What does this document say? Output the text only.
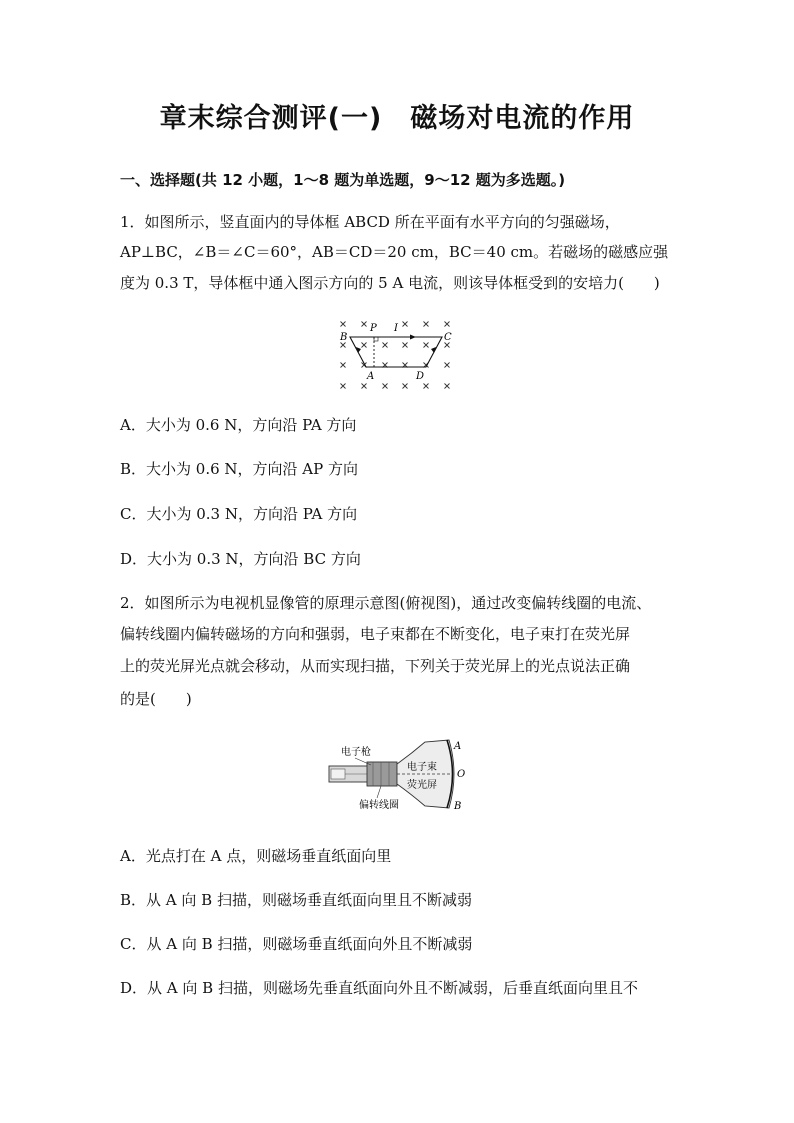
章末综合测评(一)　磁场对电流的作用
一、选择题(共 12 小题，1～8 题为单选题，9～12 题为多选题。)
1．如图所示，竖直面内的导体框 ABCD 所在平面有水平方向的匀强磁场，
AP⊥BC，∠B＝∠C＝60°，AB＝CD＝20 cm，BC＝40 cm。若磁场的磁感应强
度为 0.3 T，导体框中通入图示方向的 5 A 电流，则该导体框受到的安培力(　　)
B
P I
C
A	D
A．大小为 0.6 N，方向沿 PA 方向
B．大小为 0.6 N，方向沿 AP 方向
C．大小为 0.3 N，方向沿 PA 方向
D．大小为 0.3 N，方向沿 BC 方向
2．如图所示为电视机显像管的原理示意图(俯视图)，通过改变偏转线圈的电流、
偏转线圈内偏转磁场的方向和强弱，电子束都在不断变化，电子束打在荧光屏
上的荧光屏光点就会移动，从而实现扫描，下列关于荧光屏上的光点说法正确
的是(　　)
电子枪
电子束
荧光屏
偏转线圈
A
O
B
A．光点打在 A 点，则磁场垂直纸面向里
B．从 A 向 B 扫描，则磁场垂直纸面向里且不断减弱
C．从 A 向 B 扫描，则磁场垂直纸面向外且不断减弱
D．从 A 向 B 扫描，则磁场先垂直纸面向外且不断减弱，后垂直纸面向里且不
